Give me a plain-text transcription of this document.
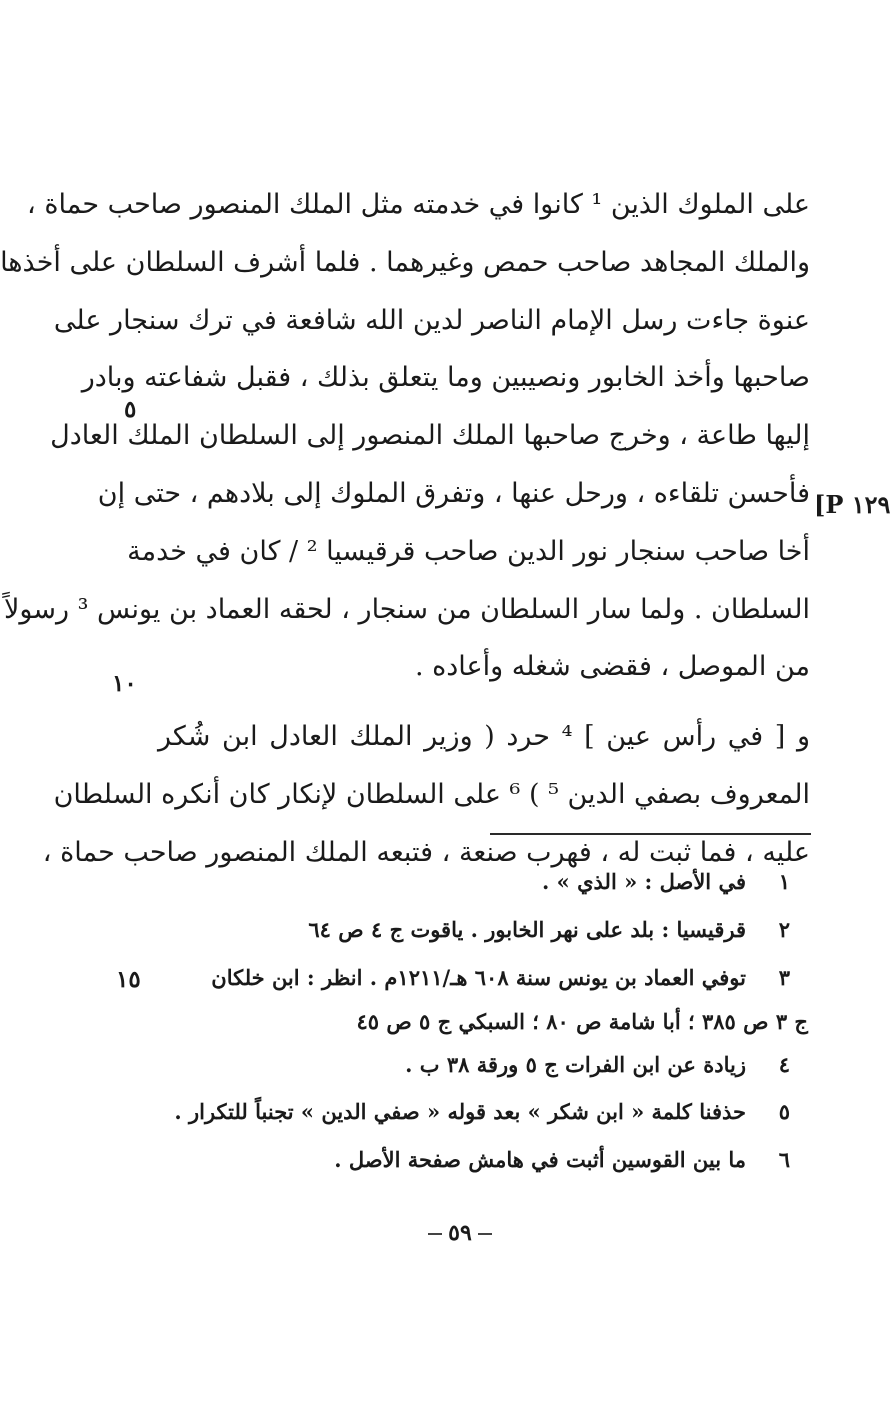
على الملوك الذين ¹ كانوا في خدمته مثل الملك المنصور صاحب حماة ،
والملك المجاهد صاحب حمص وغيرهما . فلما أشرف السلطان على أخذها
عنوة جاءت رسل الإمام الناصر لدين الله شافعة في ترك سنجار على
صاحبها وأخذ الخابور ونصيبين وما يتعلق بذلك ، فقبل شفاعته وبادر
إليها طاعة ، وخرج صاحبها الملك المنصور إلى السلطان الملك العادل
فأحسن تلقاءه ، ورحل عنها ، وتفرق الملوك إلى بلادهم ، حتى إن
أخا صاحب سنجار نور الدين صاحب قرقيسيا ² / كان في خدمة
السلطان . ولما سار السلطان من سنجار ، لحقه العماد بن يونس ³ رسولاً
من الموصل ، فقضى شغله وأعاده .
و [ في رأس عين ] ⁴ حرد ( وزير الملك العادل ابن شُكر
المعروف بصفي الدين ⁵ ) ⁶ على السلطان لإنكار كان أنكره السلطان
عليه ، فما ثبت له ، فهرب صنعة ، فتبعه الملك المنصور صاحب حماة ،
٥
١٢٩ P]
١٠
١٥
١في الأصل : « الذي » .
٢قرقيسيا : بلد على نهر الخابور . ياقوت ج ٤ ص ٦٤
٣توفي العماد بن يونس سنة ٦٠٨ هـ/١٢١١م . انظر : ابن خلكان
ج ٣ ص ٣٨٥ ؛ أبا شامة ص ٨٠ ؛ السبكي ج ٥ ص ٤٥
٤زيادة عن ابن الفرات ج ٥ ورقة ٣٨ ب .
٥حذفنا كلمة « ابن شكر » بعد قوله « صفي الدين » تجنباً للتكرار .
٦ما بين القوسين أثبت في هامش صفحة الأصل .
٥٩
